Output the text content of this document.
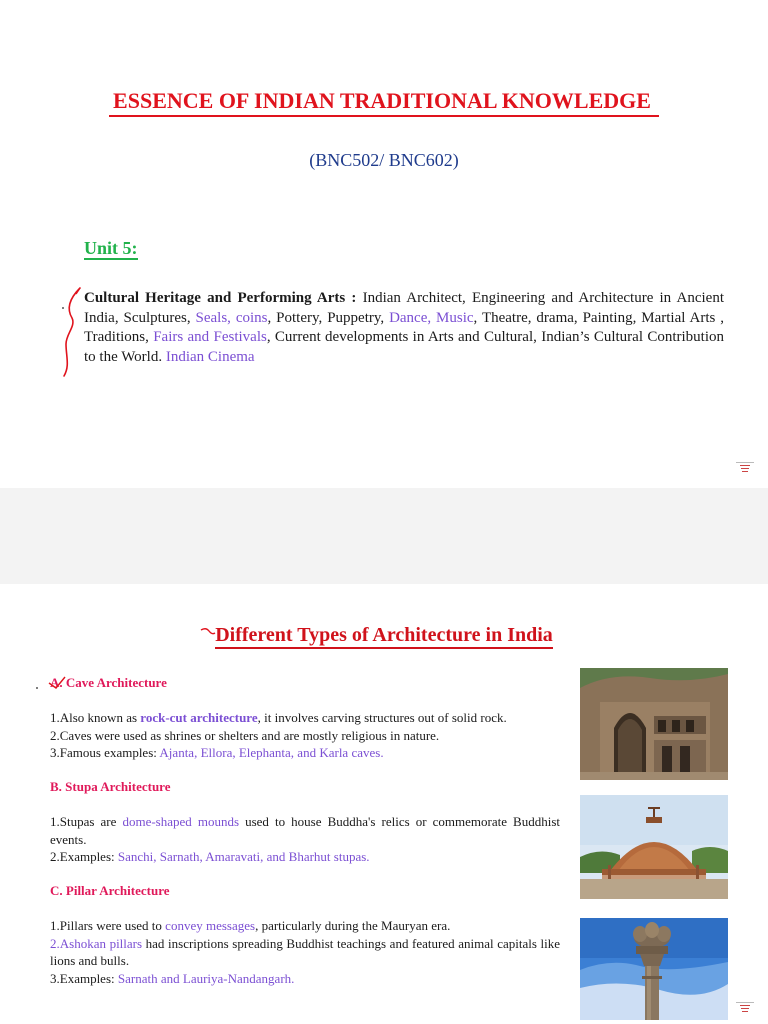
ESSENCE OF INDIAN TRADITIONAL KNOWLEDGE
(BNC502/ BNC602)
Unit 5:
Cultural Heritage and Performing Arts : Indian Architect, Engineering and Architecture in Ancient India, Sculptures, Seals, coins, Pottery, Puppetry, Dance, Music, Theatre, drama, Painting, Martial Arts , Traditions, Fairs and Festivals, Current developments in Arts and Cultural, Indian’s Cultural Contribution to the World. Indian Cinema
Different Types of Architecture in India
A.
Cave Architecture
1.Also known as rock-cut architecture, it involves carving structures out of solid rock.
2.Caves were used as shrines or shelters and are mostly religious in nature.
3.Famous examples: Ajanta, Ellora, Elephanta, and Karla caves.
B. Stupa Architecture
1.Stupas are dome-shaped mounds used to house Buddha's relics or commemorate Buddhist events.
2.Examples: Sanchi, Sarnath, Amaravati, and Bharhut stupas.
C. Pillar Architecture
1.Pillars were used to convey messages, particularly during the Mauryan era.
2.Ashokan pillars had inscriptions spreading Buddhist teachings and featured animal capitals like lions and bulls.
3.Examples: Sarnath and Lauriya-Nandangarh.
